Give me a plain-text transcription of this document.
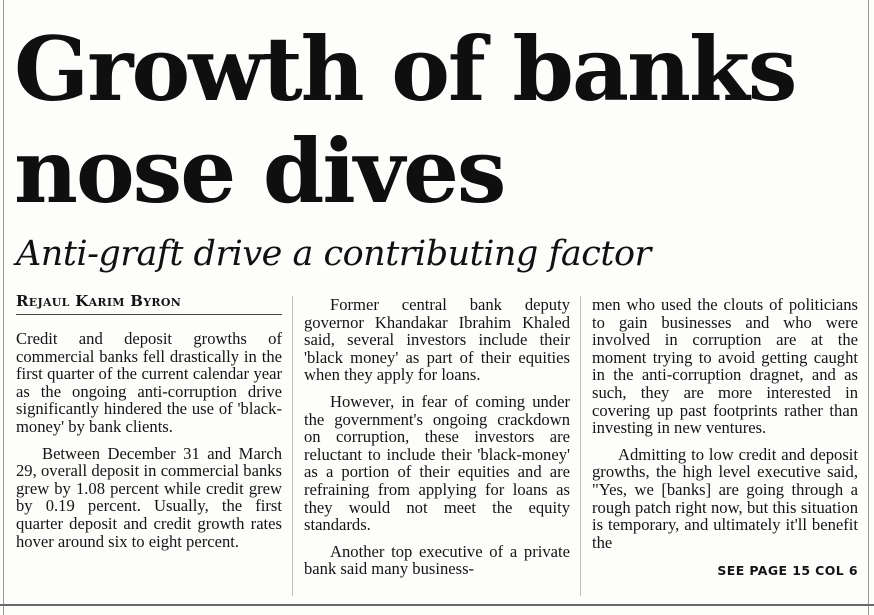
Growth of banks nose dives
Anti-graft drive a contributing factor
Rejaul Karim Byron

Credit and deposit growths of commercial banks fell drastically in the first quarter of the current calendar year as the ongoing anti-corruption drive significantly hindered the use of 'black-money' by bank clients.

Between December 31 and March 29, overall deposit in commercial banks grew by 1.08 percent while credit grew by 0.19 percent. Usually, the first quarter deposit and credit growth rates hover around six to eight percent.

Former central bank deputy governor Khandakar Ibrahim Khaled said, several investors include their 'black money' as part of their equities when they apply for loans.

However, in fear of coming under the government's ongoing crackdown on corruption, these investors are reluctant to include their 'black-money' as a portion of their equities and are refraining from applying for loans as they would not meet the equity standards.

Another top executive of a private bank said many business-

men who used the clouts of politicians to gain businesses and who were involved in corruption are at the moment trying to avoid getting caught in the anti-corruption dragnet, and as such, they are more interested in covering up past footprints rather than investing in new ventures.

Admitting to low credit and deposit growths, the high level executive said, "Yes, we [banks] are going through a rough patch right now, but this situation is temporary, and ultimately it'll benefit the

SEE PAGE 15 COL 6
